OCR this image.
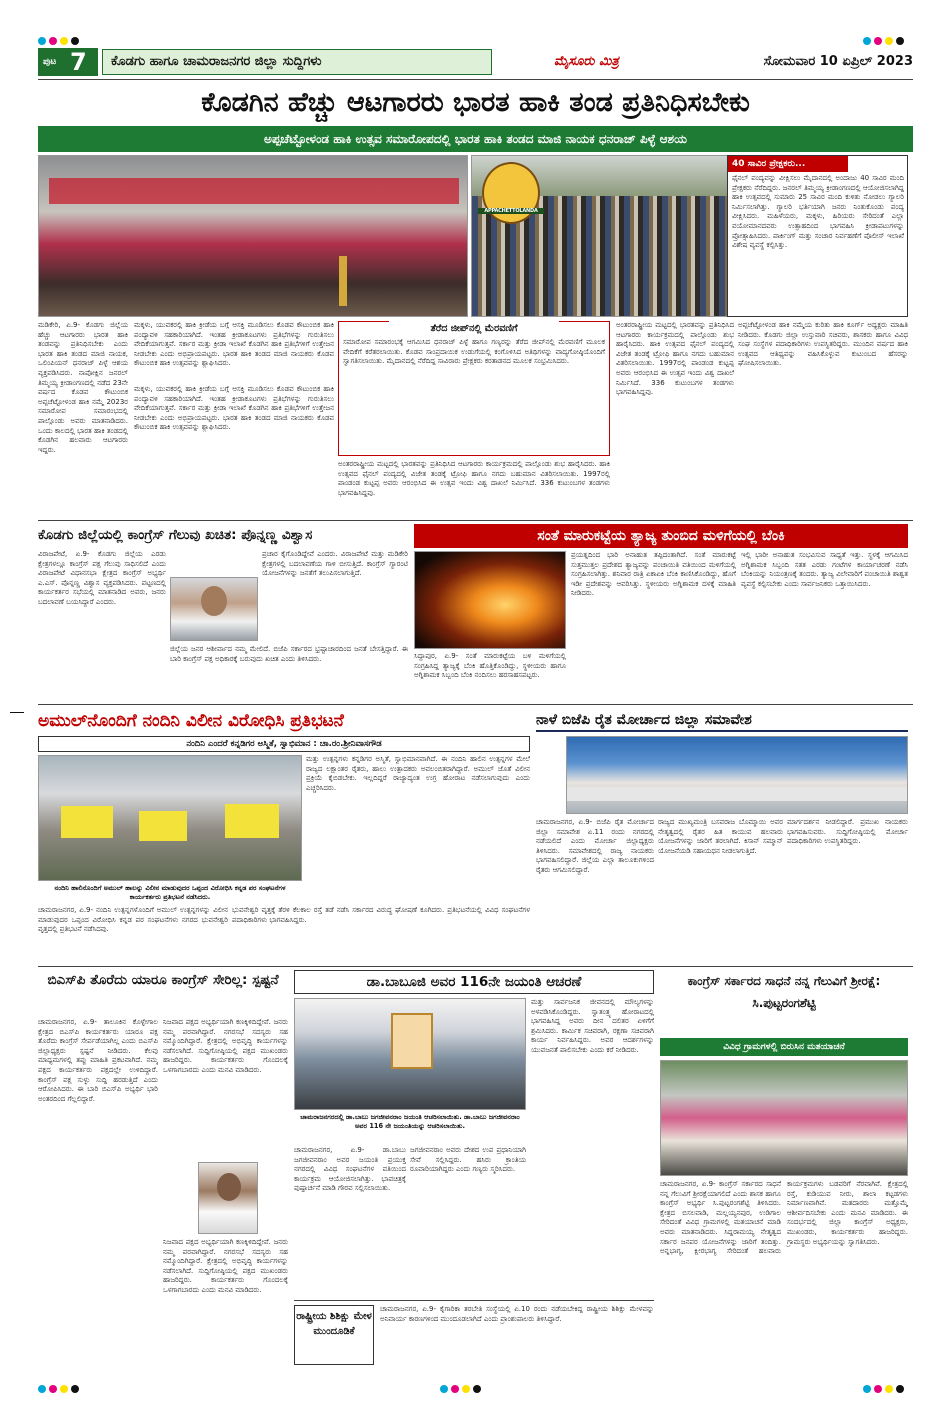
ಪುಟ 7	ಕೊಡಗು ಹಾಗೂ ಚಾಮರಾಜನಗರ ಜಿಲ್ಲಾ ಸುದ್ದಿಗಳು	ಮೈಸೂರು ಮಿತ್ರ	ಸೋಮವಾರ 10 ಏಪ್ರಿಲ್ 2023
ಕೊಡಗಿನ ಹೆಚ್ಚು ಆಟಗಾರರು ಭಾರತ ಹಾಕಿ ತಂಡ ಪ್ರತಿನಿಧಿಸಬೇಕು
ಅಪ್ಪಚೆಟ್ಟೋಳಂಡ ಹಾಕಿ ಉತ್ಸವ ಸಮಾರೋಪದಲ್ಲಿ ಭಾರತ ಹಾಕಿ ತಂಡದ ಮಾಜಿ ನಾಯಕ ಧನರಾಜ್ ಪಿಳ್ಳೆ ಆಶಯ
APPACHETTOLANDA
40 ಸಾವಿರ ಪ್ರೇಕ್ಷಕರು...
ಫೈನಲ್ ಪಂದ್ಯವನ್ನು ವೀಕ್ಷಿಸಲು ಮೈದಾನದಲ್ಲಿ ಅಂದಾಜು 40 ಸಾವಿರ ಮಂದಿ ಪ್ರೇಕ್ಷಕರು ನೆರೆದಿದ್ದರು. ಜನರಲ್ ತಿಮ್ಮಯ್ಯ ಕ್ರೀಡಾಂಗಣದಲ್ಲಿ ಆಯೋಜಿಸಲಾಗಿದ್ದ ಹಾಕಿ ಉತ್ಸವದಲ್ಲಿ ಸುಮಾರು 25 ಸಾವಿರ ಮಂದಿ ಕುಳಿತು ನೋಡಲು ಗ್ಯಾಲರಿ ನಿರ್ಮಿಸಲಾಗಿತ್ತು. ಗ್ಯಾಲರಿ ಭರ್ತಿಯಾಗಿ ಜನರು ನಿಂತುಕೊಂಡು ಪಂದ್ಯ ವೀಕ್ಷಿಸಿದರು. ಮಹಿಳೆಯರು, ಮಕ್ಕಳು, ಹಿರಿಯರು ಸೇರಿದಂತೆ ಎಲ್ಲಾ ವಯೋಮಾನದವರು ಉತ್ಸಾಹದಿಂದ ಭಾಗವಹಿಸಿ ಕ್ರೀಡಾಪಟುಗಳನ್ನು ಪ್ರೋತ್ಸಾಹಿಸಿದರು. ಪಾರ್ಕಿಂಗ್ ಮತ್ತು ಸಂಚಾರ ನಿರ್ವಹಣೆಗೆ ಪೊಲೀಸ್ ಇಲಾಖೆ ವಿಶೇಷ ವ್ಯವಸ್ಥೆ ಕಲ್ಪಿಸಿತ್ತು.
ಮಡಿಕೇರಿ, ಏ.9- ಕೊಡಗು ಜಿಲ್ಲೆಯ ಹೆಚ್ಚು ಆಟಗಾರರು ಭಾರತ ಹಾಕಿ ತಂಡವನ್ನು ಪ್ರತಿನಿಧಿಸಬೇಕು ಎಂದು ಭಾರತ ಹಾಕಿ ತಂಡದ ಮಾಜಿ ನಾಯಕ, ಒಲಿಂಪಿಯನ್ ಧನರಾಜ್ ಪಿಳ್ಳೆ ಆಶಯ ವ್ಯಕ್ತಪಡಿಸಿದರು. ನಾಪೋಕ್ಲಿನ ಜನರಲ್ ತಿಮ್ಮಯ್ಯ ಕ್ರೀಡಾಂಗಣದಲ್ಲಿ ನಡೆದ 23ನೇ ವರ್ಷದ ಕೊಡವ ಕೌಟುಂಬಿಕ ಅಪ್ಪಚೆಟ್ಟೋಳಂಡ ಹಾಕಿ ನಮ್ಮೆ 2023ರ ಸಮಾರೋಪ ಸಮಾರಂಭದಲ್ಲಿ ಪಾಲ್ಗೊಂಡು ಅವರು ಮಾತನಾಡಿದರು. ಒಂದು ಕಾಲದಲ್ಲಿ ಭಾರತ ಹಾಕಿ ತಂಡದಲ್ಲಿ ಕೊಡಗಿನ ಹಲವಾರು ಆಟಗಾರರು ಇದ್ದರು.
ಮಕ್ಕಳು, ಯುವಕರಲ್ಲಿ ಹಾಕಿ ಕ್ರೀಡೆಯ ಬಗ್ಗೆ ಆಸಕ್ತಿ ಮೂಡಿಸಲು ಕೊಡವ ಕೌಟುಂಬಿಕ ಹಾಕಿ ಪಂದ್ಯಾವಳಿ ಸಹಕಾರಿಯಾಗಿದೆ. ಇಂತಹ ಕ್ರೀಡಾಕೂಟಗಳು ಪ್ರತಿಭೆಗಳನ್ನು ಗುರುತಿಸಲು ವೇದಿಕೆಯಾಗುತ್ತವೆ. ಸರ್ಕಾರ ಮತ್ತು ಕ್ರೀಡಾ ಇಲಾಖೆ ಕೊಡಗಿನ ಹಾಕಿ ಪ್ರತಿಭೆಗಳಿಗೆ ಉತ್ತೇಜನ ನೀಡಬೇಕು ಎಂದು ಅಭಿಪ್ರಾಯಪಟ್ಟರು. ಭಾರತ ಹಾಕಿ ತಂಡದ ಮಾಜಿ ನಾಯಕರು ಕೊಡವ ಕೌಟುಂಬಿಕ ಹಾಕಿ ಉತ್ಸವವನ್ನು ಶ್ಲಾಘಿಸಿದರು.
ತೆರೆದ ಜೀಪ್‌ನಲ್ಲಿ ಮೆರವಣಿಗೆ
ಸಮಾರೋಪ ಸಮಾರಂಭಕ್ಕೆ ಆಗಮಿಸಿದ ಧನರಾಜ್ ಪಿಳ್ಳೆ ಹಾಗೂ ಗಣ್ಯರನ್ನು ತೆರೆದ ಜೀಪ್‌ನಲ್ಲಿ ಮೆರವಣಿಗೆ ಮೂಲಕ ವೇದಿಕೆಗೆ ಕರೆತರಲಾಯಿತು. ಕೊಡವ ಸಾಂಪ್ರದಾಯಿಕ ಉಡುಗೆಯಲ್ಲಿ ಕಂಗೊಳಿಸಿದ ಅತಿಥಿಗಳನ್ನು ವಾದ್ಯಗೋಷ್ಠಿಯೊಂದಿಗೆ ಸ್ವಾಗತಿಸಲಾಯಿತು. ಮೈದಾನದಲ್ಲಿ ನೆರೆದಿದ್ದ ಸಾವಿರಾರು ಪ್ರೇಕ್ಷಕರು ಕರತಾಡನದ ಮೂಲಕ ಸಂಭ್ರಮಿಸಿದರು.
ಮಕ್ಕಳು, ಯುವಕರಲ್ಲಿ ಹಾಕಿ ಕ್ರೀಡೆಯ ಬಗ್ಗೆ ಆಸಕ್ತಿ ಮೂಡಿಸಲು ಕೊಡವ ಕೌಟುಂಬಿಕ ಹಾಕಿ ಪಂದ್ಯಾವಳಿ ಸಹಕಾರಿಯಾಗಿದೆ. ಇಂತಹ ಕ್ರೀಡಾಕೂಟಗಳು ಪ್ರತಿಭೆಗಳನ್ನು ಗುರುತಿಸಲು ವೇದಿಕೆಯಾಗುತ್ತವೆ. ಸರ್ಕಾರ ಮತ್ತು ಕ್ರೀಡಾ ಇಲಾಖೆ ಕೊಡಗಿನ ಹಾಕಿ ಪ್ರತಿಭೆಗಳಿಗೆ ಉತ್ತೇಜನ ನೀಡಬೇಕು ಎಂದು ಅಭಿಪ್ರಾಯಪಟ್ಟರು. ಭಾರತ ಹಾಕಿ ತಂಡದ ಮಾಜಿ ನಾಯಕರು ಕೊಡವ ಕೌಟುಂಬಿಕ ಹಾಕಿ ಉತ್ಸವವನ್ನು ಶ್ಲಾಘಿಸಿದರು.
ಅಂತರರಾಷ್ಟ್ರೀಯ ಮಟ್ಟದಲ್ಲಿ ಭಾರತವನ್ನು ಪ್ರತಿನಿಧಿಸಿದ ಆಟಗಾರರು ಕಾರ್ಯಕ್ರಮದಲ್ಲಿ ಪಾಲ್ಗೊಂಡು ಶುಭ ಹಾರೈಸಿದರು. ಹಾಕಿ ಉತ್ಸವದ ಫೈನಲ್ ಪಂದ್ಯದಲ್ಲಿ ವಿಜೇತ ತಂಡಕ್ಕೆ ಟ್ರೋಫಿ ಹಾಗೂ ನಗದು ಬಹುಮಾನ ವಿತರಿಸಲಾಯಿತು. 1997ರಲ್ಲಿ ಪಾಂಡಂಡ ಕುಟ್ಟಪ್ಪ ಅವರು ಆರಂಭಿಸಿದ ಈ ಉತ್ಸವ ಇಂದು ವಿಶ್ವ ದಾಖಲೆ ನಿರ್ಮಿಸಿದೆ. 336 ಕುಟುಂಬಗಳ ತಂಡಗಳು ಭಾಗವಹಿಸಿದ್ದವು.
ಅಪ್ಪಚೆಟ್ಟೋಳಂಡ ಹಾಕಿ ನಮ್ಮೆಯ ಕುರಿತು ಹಾಕಿ ಕೂರ್ಗ್ ಅಧ್ಯಕ್ಷರು ಮಾಹಿತಿ ನೀಡಿದರು. ಕೊಡಗು ಜಿಲ್ಲಾ ಉಸ್ತುವಾರಿ ಸಚಿವರು, ಶಾಸಕರು ಹಾಗೂ ವಿವಿಧ ಸಂಘ ಸಂಸ್ಥೆಗಳ ಪದಾಧಿಕಾರಿಗಳು ಉಪಸ್ಥಿತರಿದ್ದರು. ಮುಂದಿನ ವರ್ಷದ ಹಾಕಿ ಉತ್ಸವದ ಆತಿಥ್ಯವನ್ನು ವಹಿಸಿಕೊಳ್ಳುವ ಕುಟುಂಬದ ಹೆಸರನ್ನು ಘೋಷಿಸಲಾಯಿತು.
ಅಂತರರಾಷ್ಟ್ರೀಯ ಮಟ್ಟದಲ್ಲಿ ಭಾರತವನ್ನು ಪ್ರತಿನಿಧಿಸಿದ ಆಟಗಾರರು ಕಾರ್ಯಕ್ರಮದಲ್ಲಿ ಪಾಲ್ಗೊಂಡು ಶುಭ ಹಾರೈಸಿದರು. ಹಾಕಿ ಉತ್ಸವದ ಫೈನಲ್ ಪಂದ್ಯದಲ್ಲಿ ವಿಜೇತ ತಂಡಕ್ಕೆ ಟ್ರೋಫಿ ಹಾಗೂ ನಗದು ಬಹುಮಾನ ವಿತರಿಸಲಾಯಿತು. 1997ರಲ್ಲಿ ಪಾಂಡಂಡ ಕುಟ್ಟಪ್ಪ ಅವರು ಆರಂಭಿಸಿದ ಈ ಉತ್ಸವ ಇಂದು ವಿಶ್ವ ದಾಖಲೆ ನಿರ್ಮಿಸಿದೆ. 336 ಕುಟುಂಬಗಳ ತಂಡಗಳು ಭಾಗವಹಿಸಿದ್ದವು.
ಕೊಡಗು ಜಿಲ್ಲೆಯಲ್ಲಿ ಕಾಂಗ್ರೆಸ್ ಗೆಲುವು ಖಚಿತ: ಪೊನ್ನಣ್ಣ ವಿಶ್ವಾಸ
ವಿರಾಜಪೇಟೆ, ಏ.9- ಕೊಡಗು ಜಿಲ್ಲೆಯ ಎರಡು ಕ್ಷೇತ್ರಗಳಲ್ಲೂ ಕಾಂಗ್ರೆಸ್ ಪಕ್ಷ ಗೆಲುವು ಸಾಧಿಸಲಿದೆ ಎಂದು ವಿರಾಜಪೇಟೆ ವಿಧಾನಸಭಾ ಕ್ಷೇತ್ರದ ಕಾಂಗ್ರೆಸ್ ಅಭ್ಯರ್ಥಿ ಎ.ಎಸ್. ಪೊನ್ನಣ್ಣ ವಿಶ್ವಾಸ ವ್ಯಕ್ತಪಡಿಸಿದರು. ಪಟ್ಟಣದಲ್ಲಿ ಕಾರ್ಯಕರ್ತರ ಸಭೆಯಲ್ಲಿ ಮಾತನಾಡಿದ ಅವರು, ಜನರು ಬದಲಾವಣೆ ಬಯಸಿದ್ದಾರೆ ಎಂದರು.
ಪ್ರಚಾರ ಕೈಗೊಂಡಿದ್ದೇವೆ ಎಂದರು. ವಿರಾಜಪೇಟೆ ಮತ್ತು ಮಡಿಕೇರಿ ಕ್ಷೇತ್ರಗಳಲ್ಲಿ ಬದಲಾವಣೆಯ ಗಾಳಿ ಬೀಸುತ್ತಿದೆ. ಕಾಂಗ್ರೆಸ್ ಗ್ಯಾರಂಟಿ ಯೋಜನೆಗಳನ್ನು ಜನತೆಗೆ ತಲುಪಿಸಲಾಗುತ್ತಿದೆ.
ಜಿಲ್ಲೆಯ ಜನರ ಆಶೀರ್ವಾದ ನಮ್ಮ ಮೇಲಿದೆ. ಬಿಜೆಪಿ ಸರ್ಕಾರದ ಭ್ರಷ್ಟಾಚಾರದಿಂದ ಜನತೆ ಬೇಸತ್ತಿದ್ದಾರೆ. ಈ ಬಾರಿ ಕಾಂಗ್ರೆಸ್ ಪಕ್ಷ ಅಧಿಕಾರಕ್ಕೆ ಬರುವುದು ಖಚಿತ ಎಂದು ತಿಳಿಸಿದರು.
ಸಂತೆ ಮಾರುಕಟ್ಟೆಯ ತ್ಯಾಜ್ಯ ತುಂಬಿದ ಮಳಿಗೆಯಲ್ಲಿ ಬೆಂಕಿ
ಸಿದ್ದಾಪುರ, ಏ.9- ಸಂತೆ ಮಾರುಕಟ್ಟೆಯ ಬಳಿ ಮಳಿಗೆಯಲ್ಲಿ ಸಂಗ್ರಹಿಸಿದ್ದ ತ್ಯಾಜ್ಯಕ್ಕೆ ಬೆಂಕಿ ಹೊತ್ತಿಕೊಂಡಿದ್ದು, ಸ್ಥಳೀಯರು ಹಾಗೂ ಅಗ್ನಿಶಾಮಕ ಸಿಬ್ಬಂದಿ ಬೆಂಕಿ ನಂದಿಸಲು ಹರಸಾಹಸಪಟ್ಟರು.
ಪ್ರಯತ್ನದಿಂದ ಭಾರಿ ಅನಾಹುತ ತಪ್ಪಿದಂತಾಗಿದೆ. ಸಂತೆ ಮಾರುಕಟ್ಟೆ ಸುತ್ತಮುತ್ತಲ ಪ್ರದೇಶದ ತ್ಯಾಜ್ಯವನ್ನು ಪಂಚಾಯಿತಿ ವತಿಯಿಂದ ಮಳಿಗೆಯಲ್ಲಿ ಸಂಗ್ರಹಿಸಲಾಗಿತ್ತು. ಶನಿವಾರ ರಾತ್ರಿ ಏಕಾಏಕಿ ಬೆಂಕಿ ಕಾಣಿಸಿಕೊಂಡಿದ್ದು, ಹೊಗೆ ಇಡೀ ಪ್ರದೇಶವನ್ನು ಆವರಿಸಿತ್ತು. ಸ್ಥಳೀಯರು ಅಗ್ನಿಶಾಮಕ ದಳಕ್ಕೆ ಮಾಹಿತಿ ನೀಡಿದರು.
ಇಲ್ಲಿ ಭಾರೀ ಅನಾಹುತ ಸಂಭವಿಸುವ ಸಾಧ್ಯತೆ ಇತ್ತು. ಸ್ಥಳಕ್ಕೆ ಆಗಮಿಸಿದ ಅಗ್ನಿಶಾಮಕ ಸಿಬ್ಬಂದಿ ಸತತ ಎರಡು ಗಂಟೆಗಳ ಕಾರ್ಯಾಚರಣೆ ನಡೆಸಿ ಬೆಂಕಿಯನ್ನು ನಿಯಂತ್ರಣಕ್ಕೆ ತಂದರು. ತ್ಯಾಜ್ಯ ವಿಲೇವಾರಿಗೆ ಪಂಚಾಯಿತಿ ಶಾಶ್ವತ ವ್ಯವಸ್ಥೆ ಕಲ್ಪಿಸಬೇಕು ಎಂದು ಸಾರ್ವಜನಿಕರು ಒತ್ತಾಯಿಸಿದರು.
ಅಮುಲ್‌ನೊಂದಿಗೆ ನಂದಿನಿ ವಿಲೀನ ವಿರೋಧಿಸಿ ಪ್ರತಿಭಟನೆ
ನಂದಿನಿ ಎಂದರೆ ಕನ್ನಡಿಗರ ಅಸ್ಮಿತೆ, ಸ್ವಾಭಿಮಾನ : ಚಾ.ರಂ.ಶ್ರೀನಿವಾಸಗೌಡ
ಮತ್ತು ಉತ್ಪನ್ನಗಳು ಕನ್ನಡಿಗರ ಅಸ್ಮಿತೆ, ಸ್ವಾಭಿಮಾನವಾಗಿದೆ. ಈ ನಂದಿನಿ ಹಾಲಿನ ಉತ್ಪನ್ನಗಳ ಮೇಲೆ ರಾಜ್ಯದ ಲಕ್ಷಾಂತರ ರೈತರು, ಹಾಲು ಉತ್ಪಾದಕರು ಅವಲಂಬಿತರಾಗಿದ್ದಾರೆ. ಅಮುಲ್ ಜೊತೆ ವಿಲೀನ ಪ್ರಕ್ರಿಯೆ ಕೈಬಿಡಬೇಕು. ಇಲ್ಲದಿದ್ದರೆ ರಾಜ್ಯಾದ್ಯಂತ ಉಗ್ರ ಹೋರಾಟ ನಡೆಸಲಾಗುವುದು ಎಂದು ಎಚ್ಚರಿಸಿದರು.
ನಂದಿನಿ ಹಾಲಿನೊಂದಿಗೆ ಅಮುಲ್ ಹಾಲನ್ನು ವಿಲೀನ ಮಾಡುವುದರ ಒಪ್ಪಂದ ವಿರೋಧಿಸಿ ಕನ್ನಡ ಪರ ಸಂಘಟನೆಗಳ ಕಾರ್ಯಕರ್ತರು ಪ್ರತಿಭಟನೆ ನಡೆಸಿದರು.
ಚಾಮರಾಜನಗರ, ಏ.9- ನಂದಿನಿ ಉತ್ಪನ್ನಗಳೊಂದಿಗೆ ಅಮುಲ್ ಉತ್ಪನ್ನಗಳನ್ನು ವಿಲೀನ ಮಾಡುವುದರ ಒಪ್ಪಂದ ವಿರೋಧಿಸಿ ಕನ್ನಡ ಪರ ಸಂಘಟನೆಗಳು ನಗರದ ಭುವನೇಶ್ವರಿ ವೃತ್ತದಲ್ಲಿ ಪ್ರತಿಭಟನೆ ನಡೆಸಿದವು.
ಭುವನೇಶ್ವರಿ ವೃತ್ತಕ್ಕೆ ತೆರಳಿ ಕೆಲಕಾಲ ರಸ್ತೆ ತಡೆ ನಡೆಸಿ ಸರ್ಕಾರದ ವಿರುದ್ಧ ಘೋಷಣೆ ಕೂಗಿದರು. ಪ್ರತಿಭಟನೆಯಲ್ಲಿ ವಿವಿಧ ಸಂಘಟನೆಗಳ ಪದಾಧಿಕಾರಿಗಳು ಭಾಗವಹಿಸಿದ್ದರು.
ನಾಳೆ ಬಿಜೆಪಿ ರೈತ ಮೋರ್ಚಾದ ಜಿಲ್ಲಾ ಸಮಾವೇಶ
ಚಾಮರಾಜನಗರ, ಏ.9- ಬಿಜೆಪಿ ರೈತ ಮೋರ್ಚಾದ ಜಿಲ್ಲಾ ಸಮಾವೇಶ ಏ.11 ರಂದು ನಗರದಲ್ಲಿ ನಡೆಯಲಿದೆ ಎಂದು ಮೋರ್ಚಾ ಜಿಲ್ಲಾಧ್ಯಕ್ಷರು ತಿಳಿಸಿದರು. ಸಮಾವೇಶದಲ್ಲಿ ರಾಜ್ಯ ನಾಯಕರು ಭಾಗವಹಿಸಲಿದ್ದಾರೆ. ಜಿಲ್ಲೆಯ ಎಲ್ಲಾ ತಾಲೂಕುಗಳಿಂದ ರೈತರು ಆಗಮಿಸಲಿದ್ದಾರೆ.
ರಾಜ್ಯದ ಮುಖ್ಯಮಂತ್ರಿ ಬಸವರಾಜ ಬೊಮ್ಮಾಯಿ ಅವರ ನೇತೃತ್ವದಲ್ಲಿ ರೈತರ ಹಿತ ಕಾಯುವ ಹಲವಾರು ಯೋಜನೆಗಳನ್ನು ಜಾರಿಗೆ ತರಲಾಗಿದೆ. ಕಿಸಾನ್ ಸಮ್ಮಾನ್ ಯೋಜನೆಯಡಿ ಸಹಾಯಧನ ನೀಡಲಾಗುತ್ತಿದೆ.
ಮಾರ್ಗದರ್ಶನ ನೀಡಲಿದ್ದಾರೆ. ಪ್ರಮುಖ ನಾಯಕರು ಭಾಗವಹಿಸುವರು. ಸುದ್ದಿಗೋಷ್ಠಿಯಲ್ಲಿ ಮೋರ್ಚಾ ಪದಾಧಿಕಾರಿಗಳು ಉಪಸ್ಥಿತರಿದ್ದರು.
ಬಿಎಸ್‌ಪಿ ತೊರೆದು ಯಾರೂ ಕಾಂಗ್ರೆಸ್ ಸೇರಿಲ್ಲ: ಸ್ಪಷ್ಟನೆ
ಚಾಮರಾಜನಗರ, ಏ.9- ತಾಲೂಕಿನ ಕೊಳ್ಳೇಗಾಲ ಕ್ಷೇತ್ರದ ಬಿಎಸ್‌ಪಿ ಕಾರ್ಯಕರ್ತರು ಯಾರೂ ಪಕ್ಷ ತೊರೆದು ಕಾಂಗ್ರೆಸ್ ಸೇರ್ಪಡೆಯಾಗಿಲ್ಲ ಎಂದು ಬಿಎಸ್‌ಪಿ ಜಿಲ್ಲಾಧ್ಯಕ್ಷರು ಸ್ಪಷ್ಟನೆ ನೀಡಿದರು. ಕೆಲವು ಮಾಧ್ಯಮಗಳಲ್ಲಿ ತಪ್ಪು ಮಾಹಿತಿ ಪ್ರಕಟವಾಗಿದೆ. ನಮ್ಮ ಪಕ್ಷದ ಕಾರ್ಯಕರ್ತರು ಪಕ್ಷದಲ್ಲೇ ಉಳಿದಿದ್ದಾರೆ. ಕಾಂಗ್ರೆಸ್ ಪಕ್ಷ ಸುಳ್ಳು ಸುದ್ದಿ ಹರಡುತ್ತಿದೆ ಎಂದು ಆರೋಪಿಸಿದರು. ಈ ಬಾರಿ ಬಿಎಸ್‌ಪಿ ಅಭ್ಯರ್ಥಿ ಭಾರಿ ಅಂತರದಿಂದ ಗೆಲ್ಲಲಿದ್ದಾರೆ.
ನಿಜವಾದ ಪಕ್ಷದ ಅಭ್ಯರ್ಥಿಯಾಗಿ ಕಣಕ್ಕಿಳಿದಿದ್ದೇವೆ. ಜನರು ನಮ್ಮ ಪರವಾಗಿದ್ದಾರೆ. ನಗರಸಭೆ ಸದಸ್ಯರು ಸಹ ನಮ್ಮೊಂದಿಗಿದ್ದಾರೆ. ಕ್ಷೇತ್ರದಲ್ಲಿ ಅಭಿವೃದ್ಧಿ ಕಾರ್ಯಗಳನ್ನು ನಡೆಸಲಾಗಿದೆ. ಸುದ್ದಿಗೋಷ್ಠಿಯಲ್ಲಿ ಪಕ್ಷದ ಮುಖಂಡರು ಹಾಜರಿದ್ದರು. ಕಾರ್ಯಕರ್ತರು ಗೊಂದಲಕ್ಕೆ ಒಳಗಾಗಬಾರದು ಎಂದು ಮನವಿ ಮಾಡಿದರು.
ನಿಜವಾದ ಪಕ್ಷದ ಅಭ್ಯರ್ಥಿಯಾಗಿ ಕಣಕ್ಕಿಳಿದಿದ್ದೇವೆ. ಜನರು ನಮ್ಮ ಪರವಾಗಿದ್ದಾರೆ. ನಗರಸಭೆ ಸದಸ್ಯರು ಸಹ ನಮ್ಮೊಂದಿಗಿದ್ದಾರೆ. ಕ್ಷೇತ್ರದಲ್ಲಿ ಅಭಿವೃದ್ಧಿ ಕಾರ್ಯಗಳನ್ನು ನಡೆಸಲಾಗಿದೆ. ಸುದ್ದಿಗೋಷ್ಠಿಯಲ್ಲಿ ಪಕ್ಷದ ಮುಖಂಡರು ಹಾಜರಿದ್ದರು. ಕಾರ್ಯಕರ್ತರು ಗೊಂದಲಕ್ಕೆ ಒಳಗಾಗಬಾರದು ಎಂದು ಮನವಿ ಮಾಡಿದರು.
ಡಾ.ಬಾಬೂಜಿ ಅವರ 116ನೇ ಜಯಂತಿ ಆಚರಣೆ
ಚಾಮರಾಜನಗರದಲ್ಲಿ ಡಾ.ಬಾಬು ಜಗಜೀವನರಾಂ ಜಯಂತಿ ಆಚರಿಸಲಾಯಿತು. ಡಾ.ಬಾಬು ಜಗಜೀವನರಾಂ ಅವರ 116 ನೇ ಜಯಂತಿಯನ್ನು ಆಚರಿಸಲಾಯಿತು.
ಚಾಮರಾಜನಗರ, ಏ.9- ಡಾ.ಬಾಬು ಜಗಜೀವನರಾಂ ಅವರ ಜಯಂತಿ ಪ್ರಯುಕ್ತ ನಗರದಲ್ಲಿ ವಿವಿಧ ಸಂಘಟನೆಗಳ ವತಿಯಿಂದ ಕಾರ್ಯಕ್ರಮ ಆಯೋಜಿಸಲಾಗಿತ್ತು. ಭಾವಚಿತ್ರಕ್ಕೆ ಪುಷ್ಪಾರ್ಚನೆ ಮಾಡಿ ಗೌರವ ಸಲ್ಲಿಸಲಾಯಿತು.
ಜಗಜೀವನರಾಂ ಅವರು ದೇಶದ ಉಪ ಪ್ರಧಾನಿಯಾಗಿ ಸೇವೆ ಸಲ್ಲಿಸಿದ್ದರು. ಹಸಿರು ಕ್ರಾಂತಿಯ ರೂವಾರಿಯಾಗಿದ್ದರು ಎಂದು ಗಣ್ಯರು ಸ್ಮರಿಸಿದರು.
ಮತ್ತು ಸಾರ್ವಜನಿಕ ಜೀವನದಲ್ಲಿ ಮೌಲ್ಯಗಳನ್ನು ಅಳವಡಿಸಿಕೊಂಡಿದ್ದರು. ಸ್ವಾತಂತ್ರ್ಯ ಹೋರಾಟದಲ್ಲಿ ಭಾಗವಹಿಸಿದ್ದ ಅವರು ದೀನ ದಲಿತರ ಏಳಿಗೆಗೆ ಶ್ರಮಿಸಿದರು. ಕಾರ್ಮಿಕ ಸಚಿವರಾಗಿ, ರಕ್ಷಣಾ ಸಚಿವರಾಗಿ ಕಾರ್ಯ ನಿರ್ವಹಿಸಿದ್ದರು. ಅವರ ಆದರ್ಶಗಳನ್ನು ಯುವಜನತೆ ಪಾಲಿಸಬೇಕು ಎಂದು ಕರೆ ನೀಡಿದರು.
ರಾಷ್ಟ್ರೀಯ ಶಿಶಿಕ್ಷು ಮೇಳ ಮುಂದೂಡಿಕೆ
ಚಾಮರಾಜನಗರ, ಏ.9- ಕೈಗಾರಿಕಾ ತರಬೇತಿ ಸಂಸ್ಥೆಯಲ್ಲಿ ಏ.10 ರಂದು ನಡೆಯಬೇಕಿದ್ದ ರಾಷ್ಟ್ರೀಯ ಶಿಶಿಕ್ಷು ಮೇಳವನ್ನು ಅನಿವಾರ್ಯ ಕಾರಣಗಳಿಂದ ಮುಂದೂಡಲಾಗಿದೆ ಎಂದು ಪ್ರಾಂಶುಪಾಲರು ತಿಳಿಸಿದ್ದಾರೆ.
ಕಾಂಗ್ರೆಸ್ ಸರ್ಕಾರದ ಸಾಧನೆ ನನ್ನ ಗೆಲುವಿಗೆ ಶ್ರೀರಕ್ಷೆ: ಸಿ.ಪುಟ್ಟರಂಗಶೆಟ್ಟಿ
ವಿವಿಧ ಗ್ರಾಮಗಳಲ್ಲಿ ಬಿರುಸಿನ ಮತಯಾಚನೆ
ಚಾಮರಾಜನಗರ, ಏ.9- ಕಾಂಗ್ರೆಸ್ ಸರ್ಕಾರದ ಸಾಧನೆ ನನ್ನ ಗೆಲುವಿಗೆ ಶ್ರೀರಕ್ಷೆಯಾಗಲಿದೆ ಎಂದು ಶಾಸಕ ಹಾಗೂ ಕಾಂಗ್ರೆಸ್ ಅಭ್ಯರ್ಥಿ ಸಿ.ಪುಟ್ಟರಂಗಶೆಟ್ಟಿ ತಿಳಿಸಿದರು. ಕ್ಷೇತ್ರದ ಬಿಸಲವಾಡಿ, ಮಲ್ಲಯ್ಯನಪುರ, ಉಡಿಗಾಲ ಸೇರಿದಂತೆ ವಿವಿಧ ಗ್ರಾಮಗಳಲ್ಲಿ ಮತಯಾಚನೆ ಮಾಡಿ ಅವರು ಮಾತನಾಡಿದರು. ಸಿದ್ದರಾಮಯ್ಯ ನೇತೃತ್ವದ ಸರ್ಕಾರ ಜನಪರ ಯೋಜನೆಗಳನ್ನು ಜಾರಿಗೆ ತಂದಿತ್ತು. ಅನ್ನಭಾಗ್ಯ, ಕ್ಷೀರಭಾಗ್ಯ ಸೇರಿದಂತೆ ಹಲವಾರು ಕಾರ್ಯಕ್ರಮಗಳು ಬಡವರಿಗೆ ನೆರವಾಗಿವೆ. ಕ್ಷೇತ್ರದಲ್ಲಿ ರಸ್ತೆ, ಕುಡಿಯುವ ನೀರು, ಶಾಲಾ ಕಟ್ಟಡಗಳು ನಿರ್ಮಾಣವಾಗಿವೆ. ಮತದಾರರು ಮತ್ತೊಮ್ಮೆ ಆಶೀರ್ವದಿಸಬೇಕು ಎಂದು ಮನವಿ ಮಾಡಿದರು. ಈ ಸಂದರ್ಭದಲ್ಲಿ ಜಿಲ್ಲಾ ಕಾಂಗ್ರೆಸ್ ಅಧ್ಯಕ್ಷರು, ಮುಖಂಡರು, ಕಾರ್ಯಕರ್ತರು ಹಾಜರಿದ್ದರು. ಗ್ರಾಮಸ್ಥರು ಅಭ್ಯರ್ಥಿಯನ್ನು ಸ್ವಾಗತಿಸಿದರು.
